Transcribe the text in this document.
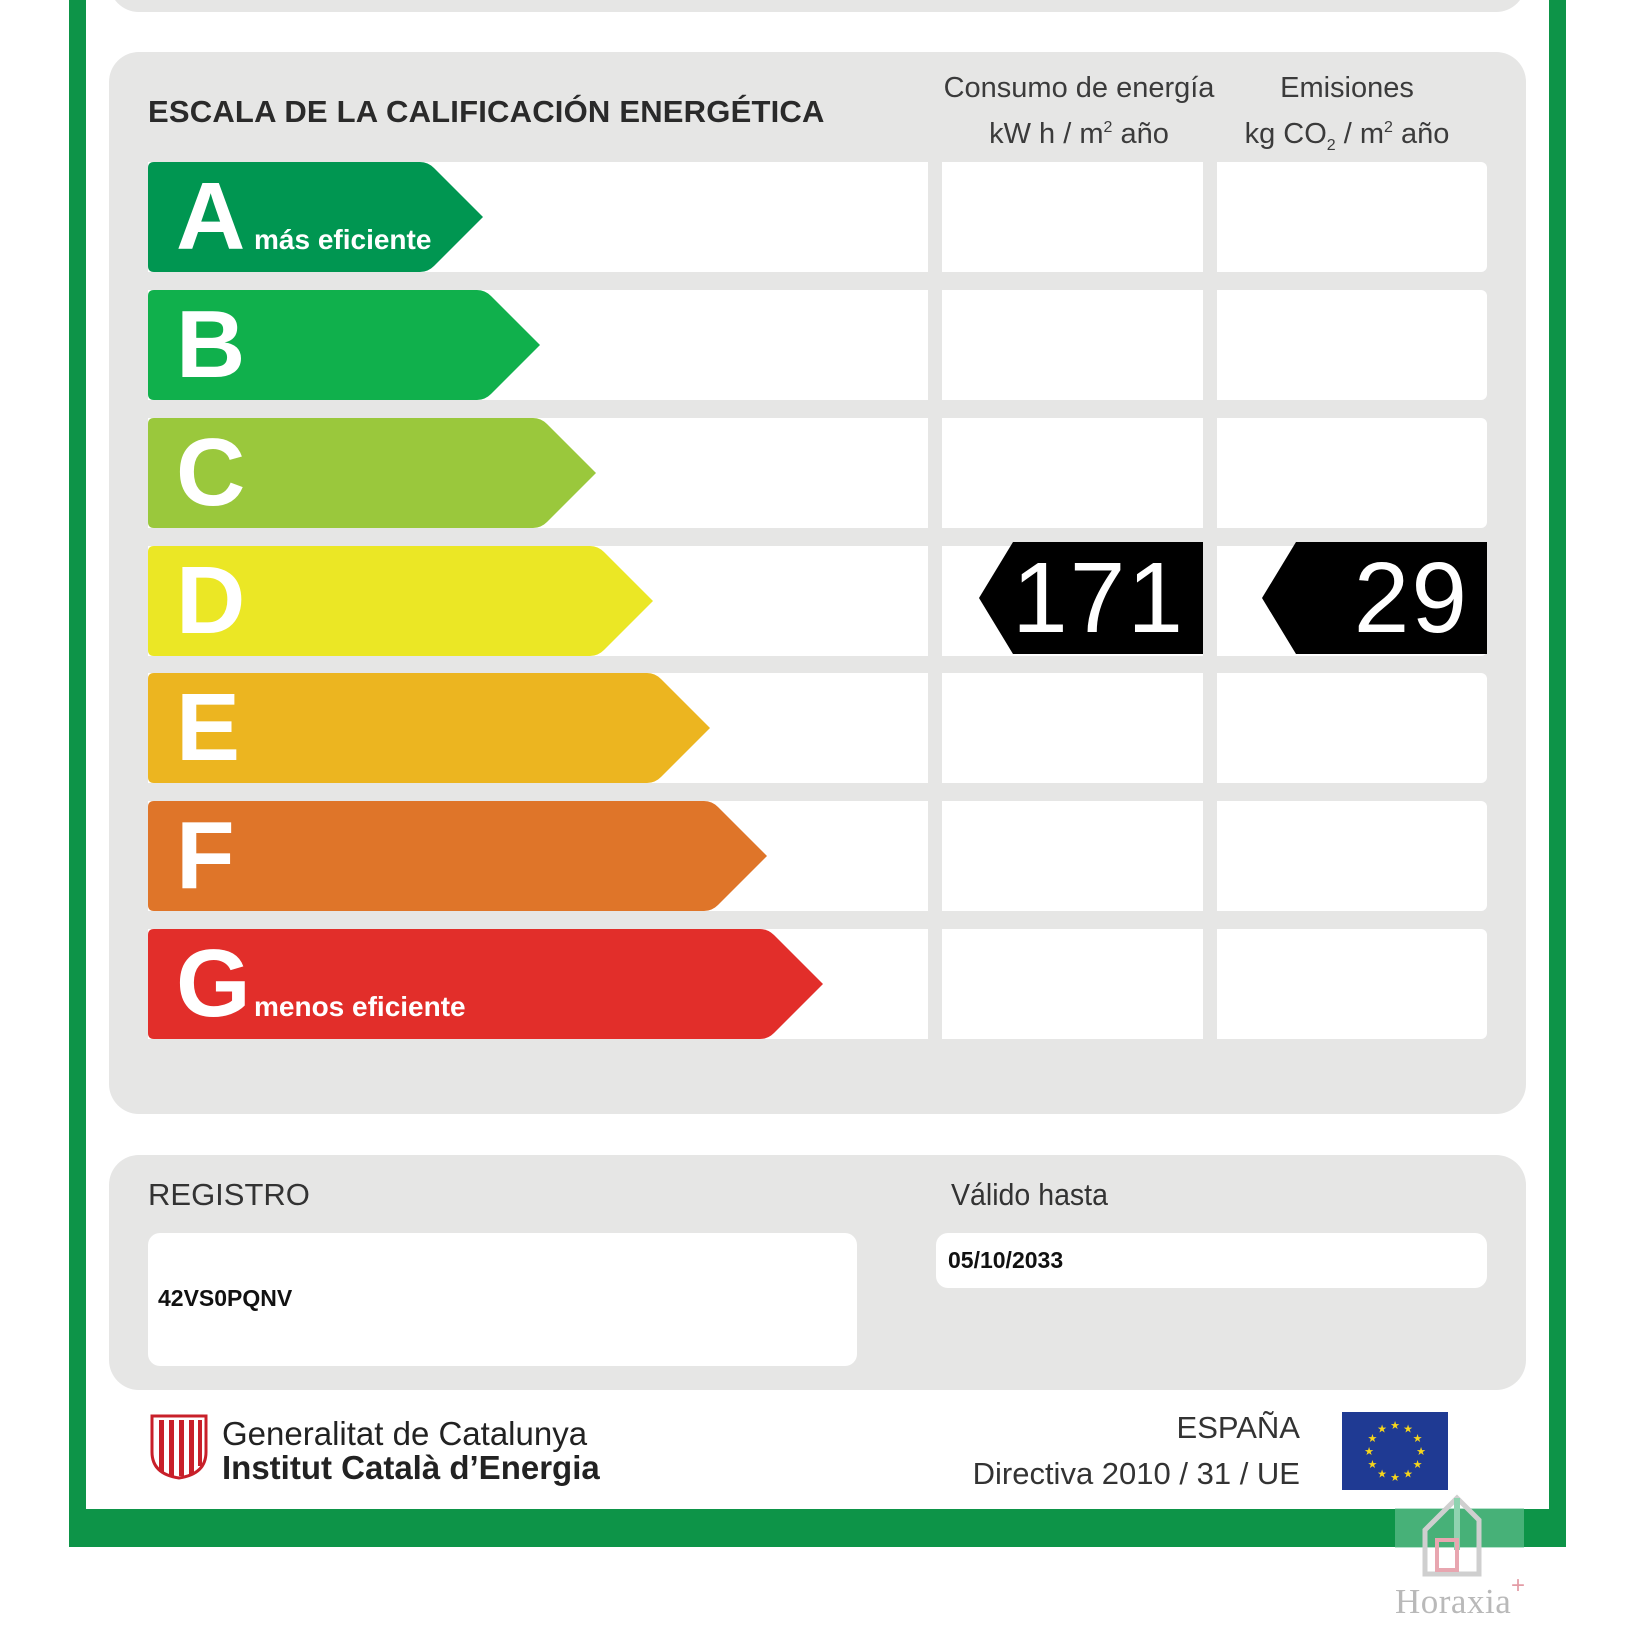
ESCALA DE LA CALIFICACIÓN ENERGÉTICA
Consumo de energía
kW h / $m^2$ año
Emisiones
kg $CO_2 / m^2$ año
A más eficiente
B
C
D	171 29
E
F
G menos eficiente
REGISTRO	Válido hasta
42VS0PQNV
05/10/2033
Generalitat de Catalunya
Institut Català d’Energia
ESPAÑA
Directiva 2010 / 31 / UE
★
★
★
★
★
★
★
★
★ ★ ★
★
Horaxia +
